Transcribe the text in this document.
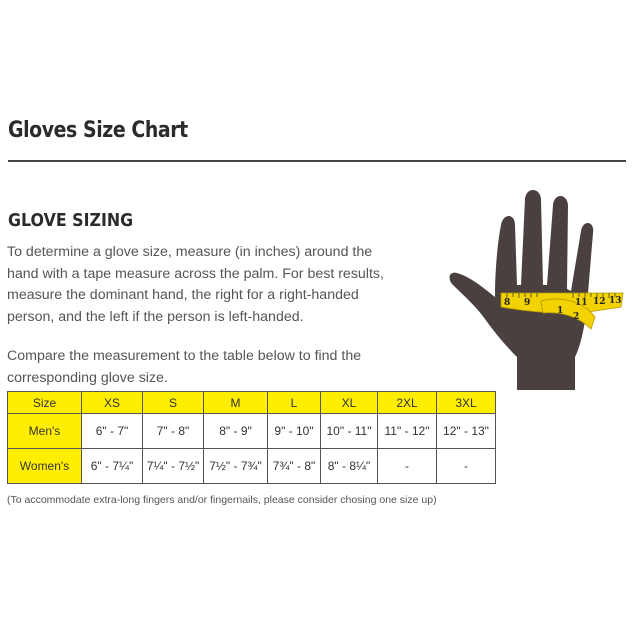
Gloves Size Chart
GLOVE SIZING

To determine a glove size, measure (in inches) around the hand with a tape measure across the palm. For best results, measure the dominant hand, the right for a right-handed person, and the left if the person is left-handed.

Compare the measurement to the table below to find the corresponding glove size.

Size	XS	S	M	L	XL	2XL	3XL
Men's	6" - 7"	7" - 8"	8" - 9"	9" - 10"	10" - 11"	11" - 12"	12" - 13"
Women's	6" - 7¼"	7¼" - 7½"	7½" - 7¾"	7¾" - 8"	8" - 8¼"	-	-

(To accommodate extra-long fingers and/or fingernails, please consider chosing one size up)

8 9
1
2
11 12 13
